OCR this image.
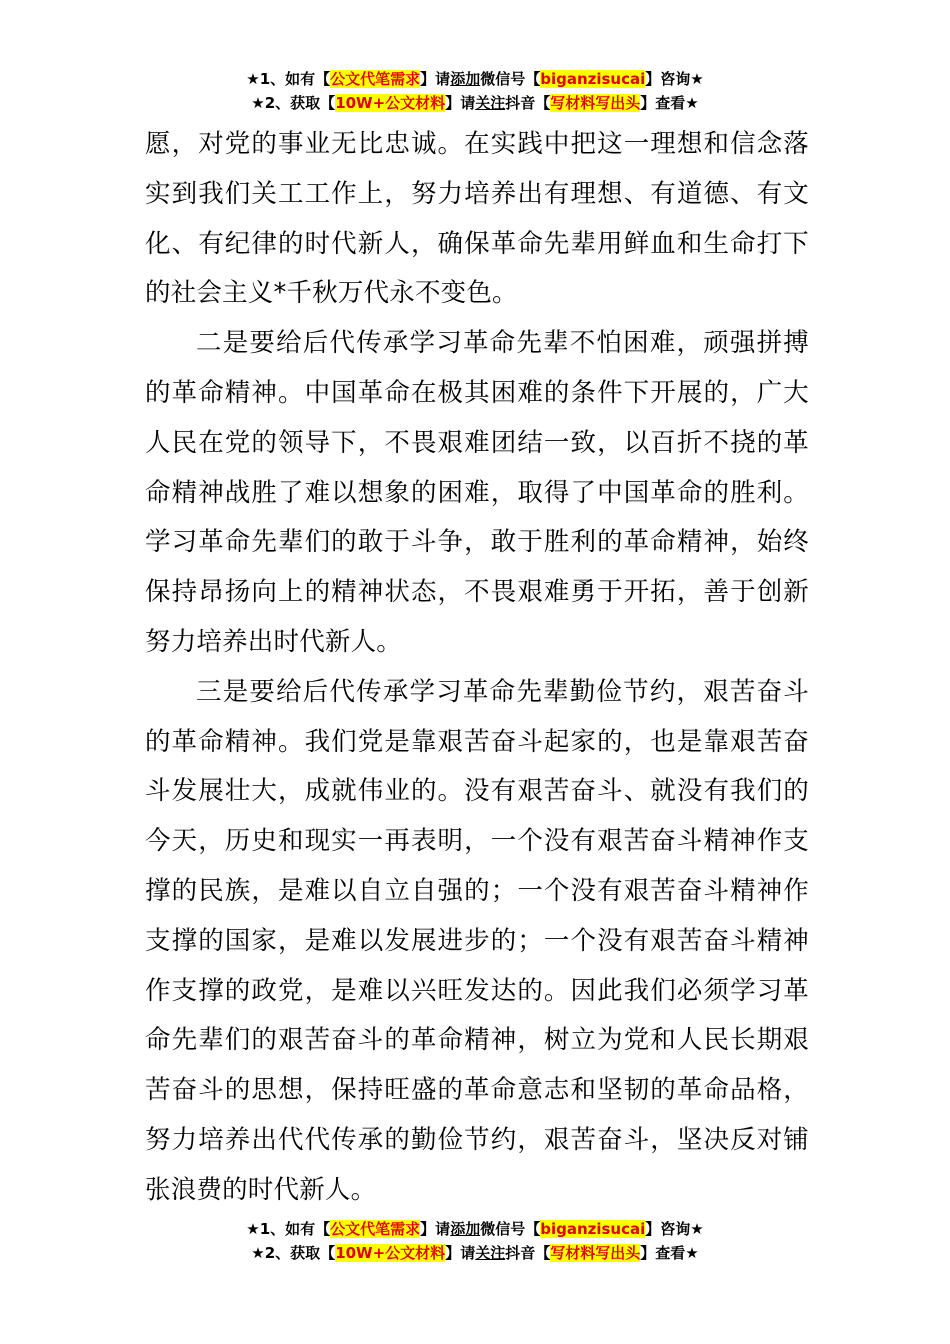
★1、如有【公文代笔需求】请添加微信号【biganzisucai】咨询★
★2、获取【10W+公文材料】请关注抖音【写材料写出头】查看★
愿，对党的事业无比忠诚。在实践中把这一理想和信念落
实到我们关工工作上，努力培养出有理想、有道德、有文
化、有纪律的时代新人，确保革命先辈用鲜血和生命打下
的社会主义*千秋万代永不变色。
二是要给后代传承学习革命先辈不怕困难，顽强拼搏
的革命精神。中国革命在极其困难的条件下开展的，广大
人民在党的领导下，不畏艰难团结一致，以百折不挠的革
命精神战胜了难以想象的困难，取得了中国革命的胜利。
学习革命先辈们的敢于斗争，敢于胜利的革命精神，始终
保持昂扬向上的精神状态，不畏艰难勇于开拓，善于创新
努力培养出时代新人。
三是要给后代传承学习革命先辈勤俭节约，艰苦奋斗
的革命精神。我们党是靠艰苦奋斗起家的，也是靠艰苦奋
斗发展壮大，成就伟业的。没有艰苦奋斗、就没有我们的
今天，历史和现实一再表明，一个没有艰苦奋斗精神作支
撑的民族，是难以自立自强的；一个没有艰苦奋斗精神作
支撑的国家，是难以发展进步的；一个没有艰苦奋斗精神
作支撑的政党，是难以兴旺发达的。因此我们必须学习革
命先辈们的艰苦奋斗的革命精神，树立为党和人民长期艰
苦奋斗的思想，保持旺盛的革命意志和坚韧的革命品格，
努力培养出代代传承的勤俭节约，艰苦奋斗，坚决反对铺
张浪费的时代新人。
★1、如有【公文代笔需求】请添加微信号【biganzisucai】咨询★
★2、获取【10W+公文材料】请关注抖音【写材料写出头】查看★
